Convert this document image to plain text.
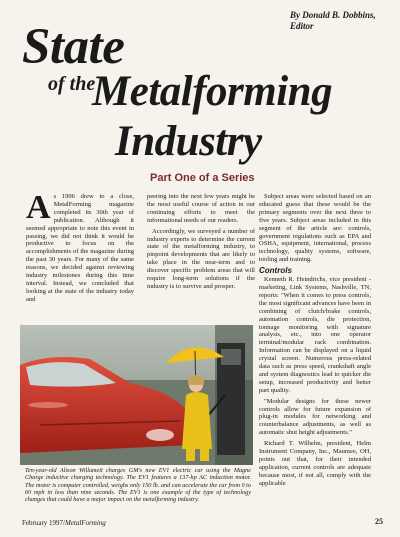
By Donald B. Dobbins,
Editor
State
of the
Metalforming
Industry
Part One of a Series
A s 1996 drew to a close, MetalForming magazine completed its 30th year of publication. Although it seemed appropriate to note this event in passing, we did not think it would be productive to focus on the accomplishments of the magazine during the past 30 years. For many of the same reasons, we decided against reviewing industry milestones during this time interval. Instead, we concluded that looking at the state of the industry today and

peering into the next few years might be the most useful course of action in our continuing efforts to meet the informational needs of our readers.

Accordingly, we surveyed a number of industry experts to determine the current state of the metalforming industry, to pinpoint developments that are likely to take place in the near-term and to discover specific problem areas that will require long-term solutions if the industry is to survive and prosper.

Subject areas were selected based on an educated guess that these would be the primary segments over the next three to five years. Subject areas included in this segment of the article are: controls, government regulations such as EPA and OSHA, equipment, international, process technology, quality systems, software, tooling and training.

Controls

Kenneth R. Heindrichs, vice president - marketing, Link Systems, Nashville, TN, reports: "When it comes to press controls, the most significant advances have been in combining of clutch/brake controls, automation controls, die protection, tonnage monitoring with signature analysis, etc., into one operator terminal/modular rack combination. Information can be displayed on a liquid crystal screen. Numerous press-related data such as press speed, crankshaft angle and system diagnostics lead to quicker die setup, increased productivity and better part quality.

"Modular designs for these newer controls allow for future expansion of plug-in modules for networking and counterbalance adjustments, as well as automatic shut height adjustments."

Richard T. Wilhelm, president, Helm Instrument Company, Inc., Maumee, OH, points out that, for their intended application, current controls are adequate because most, if not all, comply with the applicable

Ten-year-old Alison Willumeit charges GM's new EV1 electric car using the Magne Charge inductive charging technology. The EV1 features a 137-hp AC induction motor. The motor is computer controlled, weighs only 150 lb. and can accelerate the car from 0 to 60 mph in less than nine seconds. The EV1 is one example of the type of technology changes that could have a major impact on the metalforming industry.
February 1997/MetalForming	25
